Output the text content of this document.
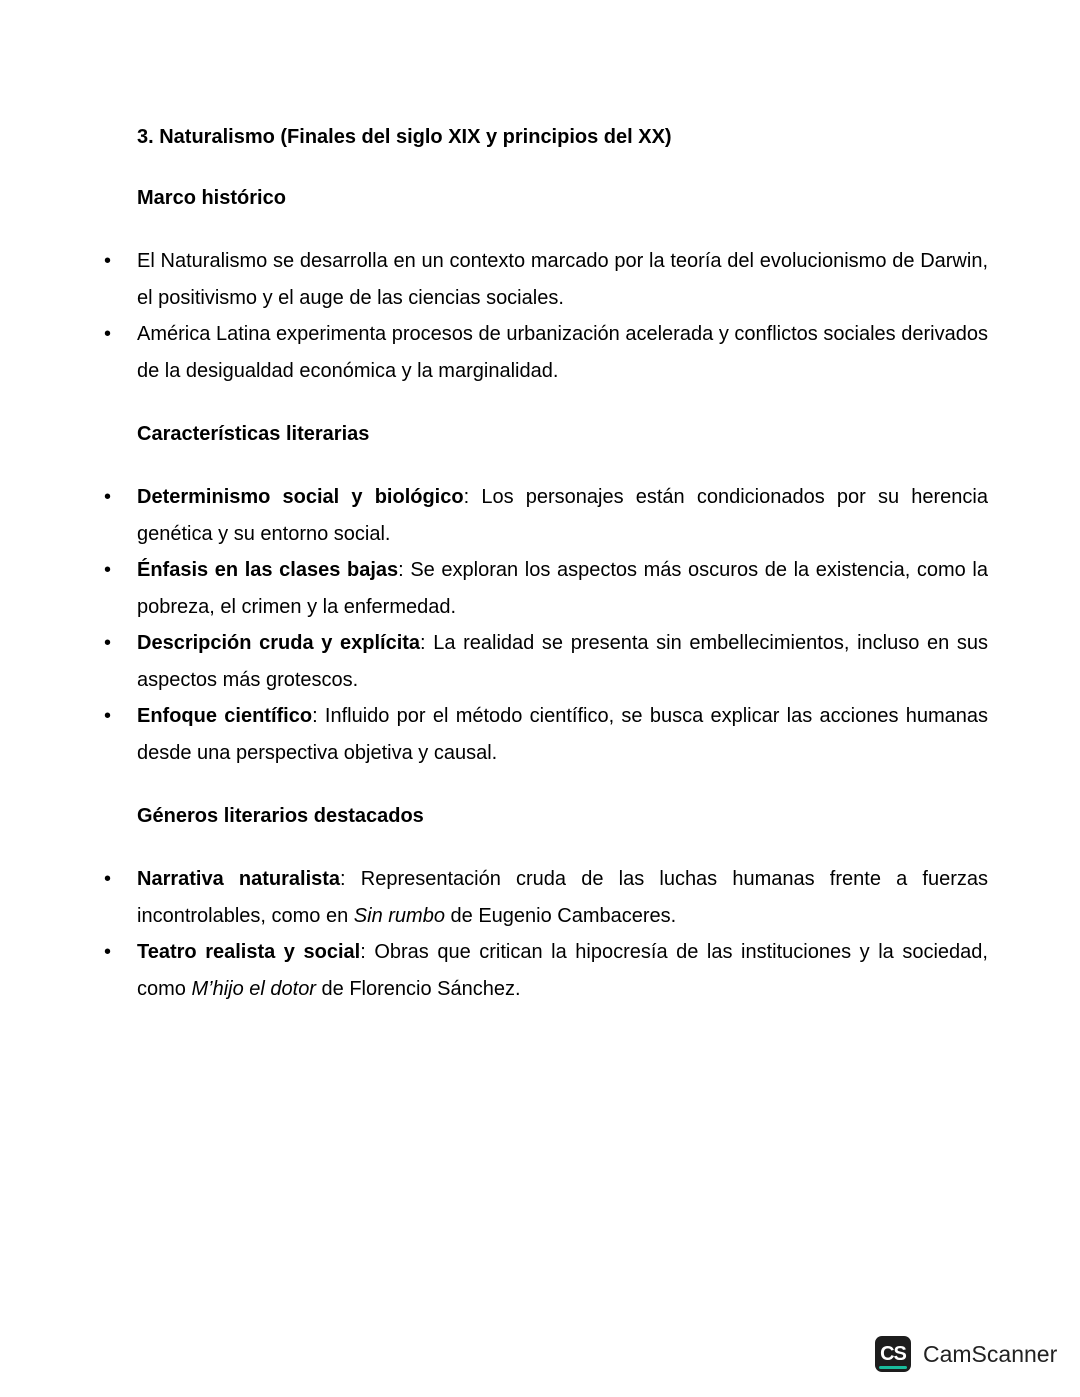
3. Naturalismo (Finales del siglo XIX y principios del XX)
Marco histórico
• El Naturalismo se desarrolla en un contexto marcado por la teoría del evolucionismo de Darwin, el positivismo y el auge de las ciencias sociales.
• América Latina experimenta procesos de urbanización acelerada y conflictos sociales derivados de la desigualdad económica y la marginalidad.
Características literarias
• Determinismo social y biológico: Los personajes están condicionados por su herencia genética y su entorno social.
• Énfasis en las clases bajas: Se exploran los aspectos más oscuros de la existencia, como la pobreza, el crimen y la enfermedad.
• Descripción cruda y explícita: La realidad se presenta sin embellecimientos, incluso en sus aspectos más grotescos.
• Enfoque científico: Influido por el método científico, se busca explicar las acciones humanas desde una perspectiva objetiva y causal.
Géneros literarios destacados
• Narrativa naturalista: Representación cruda de las luchas humanas frente a fuerzas incontrolables, como en Sin rumbo de Eugenio Cambaceres.
• Teatro realista y social: Obras que critican la hipocresía de las instituciones y la sociedad, como M’hijo el dotor de Florencio Sánchez.
CS CamScanner
